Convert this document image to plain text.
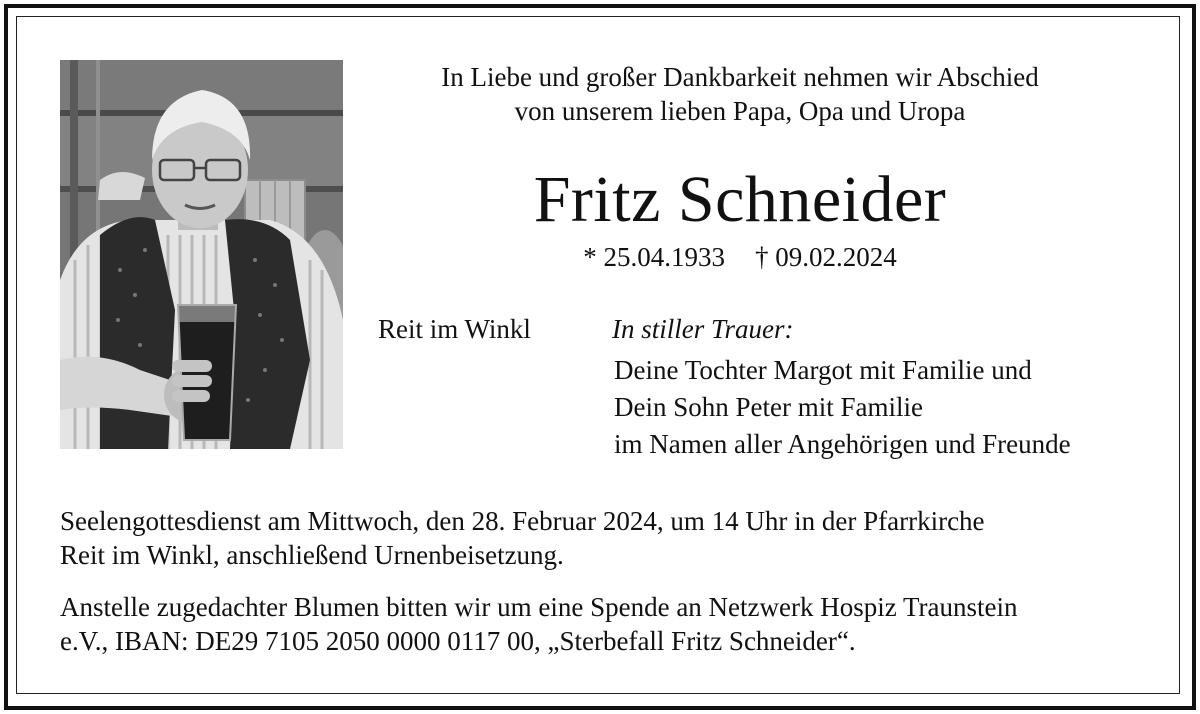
In Liebe und großer Dankbarkeit nehmen wir Abschied
von unserem lieben Papa, Opa und Uropa
Fritz Schneider
* 25.04.1933 † 09.02.2024
Reit im Winkl	In stiller Trauer:
Deine Tochter Margot mit Familie und
Dein Sohn Peter mit Familie
im Namen aller Angehörigen und Freunde
Seelengottesdienst am Mittwoch, den 28. Februar 2024, um 14 Uhr in der Pfarrkirche
Reit im Winkl, anschließend Urnenbeisetzung.
Anstelle zugedachter Blumen bitten wir um eine Spende an Netzwerk Hospiz Traunstein
e.V., IBAN: DE29 7105 2050 0000 0117 00, „Sterbefall Fritz Schneider“.
